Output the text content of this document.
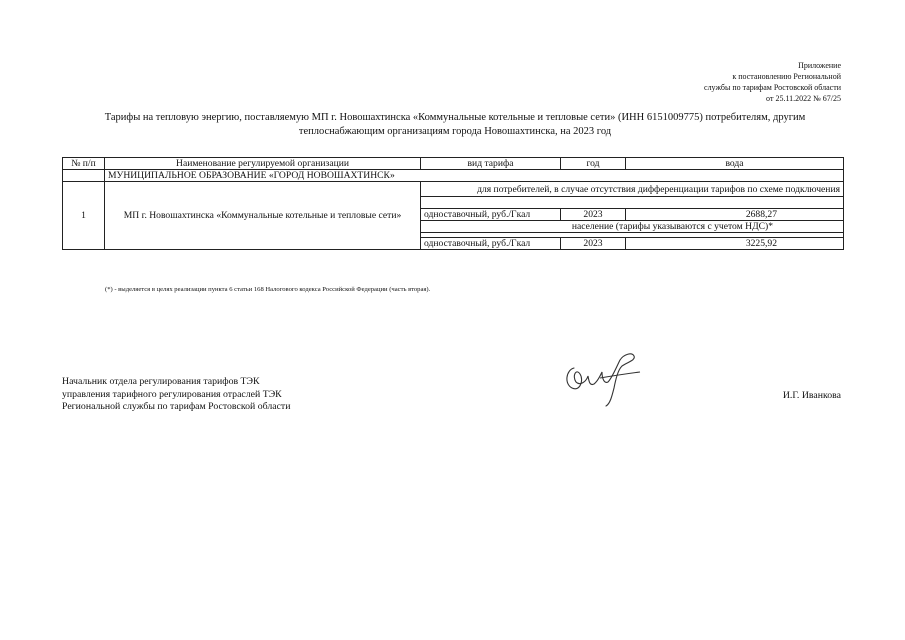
Приложение
к постановлению Региональной
службы по тарифам Ростовской области
от 25.11.2022 № 67/25
Тарифы на тепловую энергию, поставляемую МП г. Новошахтинска «Коммунальные котельные и тепловые сети» (ИНН 6151009775) потребителям, другим
теплоснабжающим организациям города Новошахтинска, на 2023 год
№ п/п	Наименование регулируемой организации	вид тарифа	год	вода
	МУНИЦИПАЛЬНОЕ ОБРАЗОВАНИЕ «ГОРОД НОВОШАХТИНСК»			
1	МП г. Новошахтинска «Коммунальные котельные и тепловые сети»	для потребителей, в случае отсутствия дифференциации тарифов по схеме подключения		

		одноставочный, руб./Гкал	2023	2688,27
		население (тарифы указываются с учетом НДС)*		

		одноставочный, руб./Гкал	2023	3225,92
(*) - выделяется в целях реализации пункта 6 статьи 168 Налогового кодекса Российской Федерации (часть вторая).
Начальник отдела регулирования тарифов ТЭК
управления тарифного регулирования отраслей ТЭК
Региональной службы по тарифам Ростовской области
И.Г. Иванкова
